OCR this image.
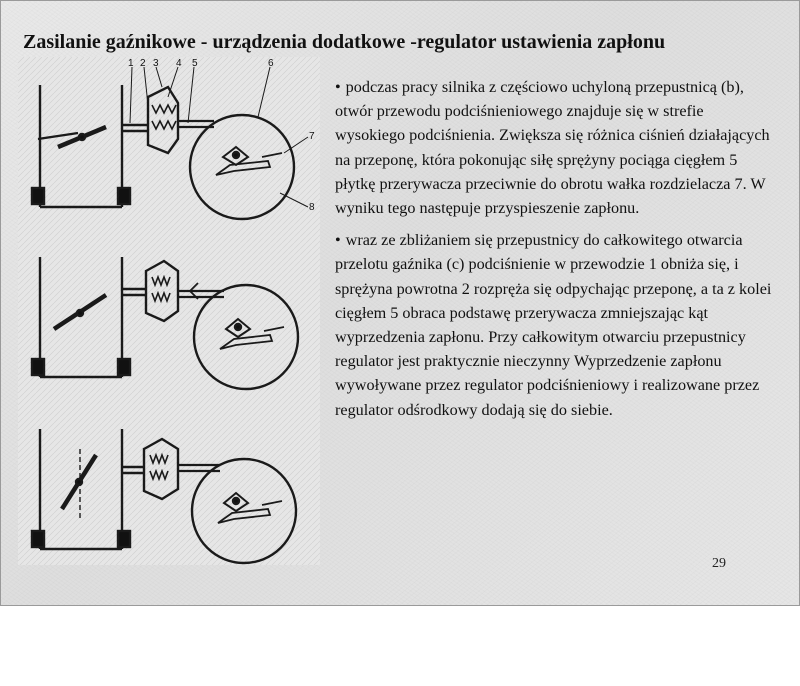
Zasilanie gaźnikowe - urządzenia dodatkowe -regulator ustawienia zapłonu
1 2 3 4 5	6
7
8
• podczas pracy silnika z częściowo uchyloną przepustnicą (b), otwór przewodu podciśnieniowego znajduje się w strefie wysokiego podciśnienia. Zwiększa się różnica ciśnień działających na przeponę, która pokonując siłę sprężyny pociąga cięgłem 5 płytkę przerywacza przeciwnie do obrotu wałka rozdzielacza 7. W wyniku tego następuje przyspieszenie zapłonu.
• wraz ze zbliżaniem się przepustnicy do całkowitego otwarcia przelotu gaźnika (c) podciśnienie w przewodzie 1 obniża się, i sprężyna powrotna 2 rozpręża się odpychając przeponę, a ta z kolei cięgłem 5 obraca podstawę przerywacza zmniejszając kąt wyprzedzenia zapłonu. Przy całkowitym otwarciu przepustnicy regulator jest praktycznie nieczynny Wyprzedzenie zapłonu wywoływane przez regulator podciśnieniowy i realizowane przez regulator odśrodkowy dodają się do siebie.
29
